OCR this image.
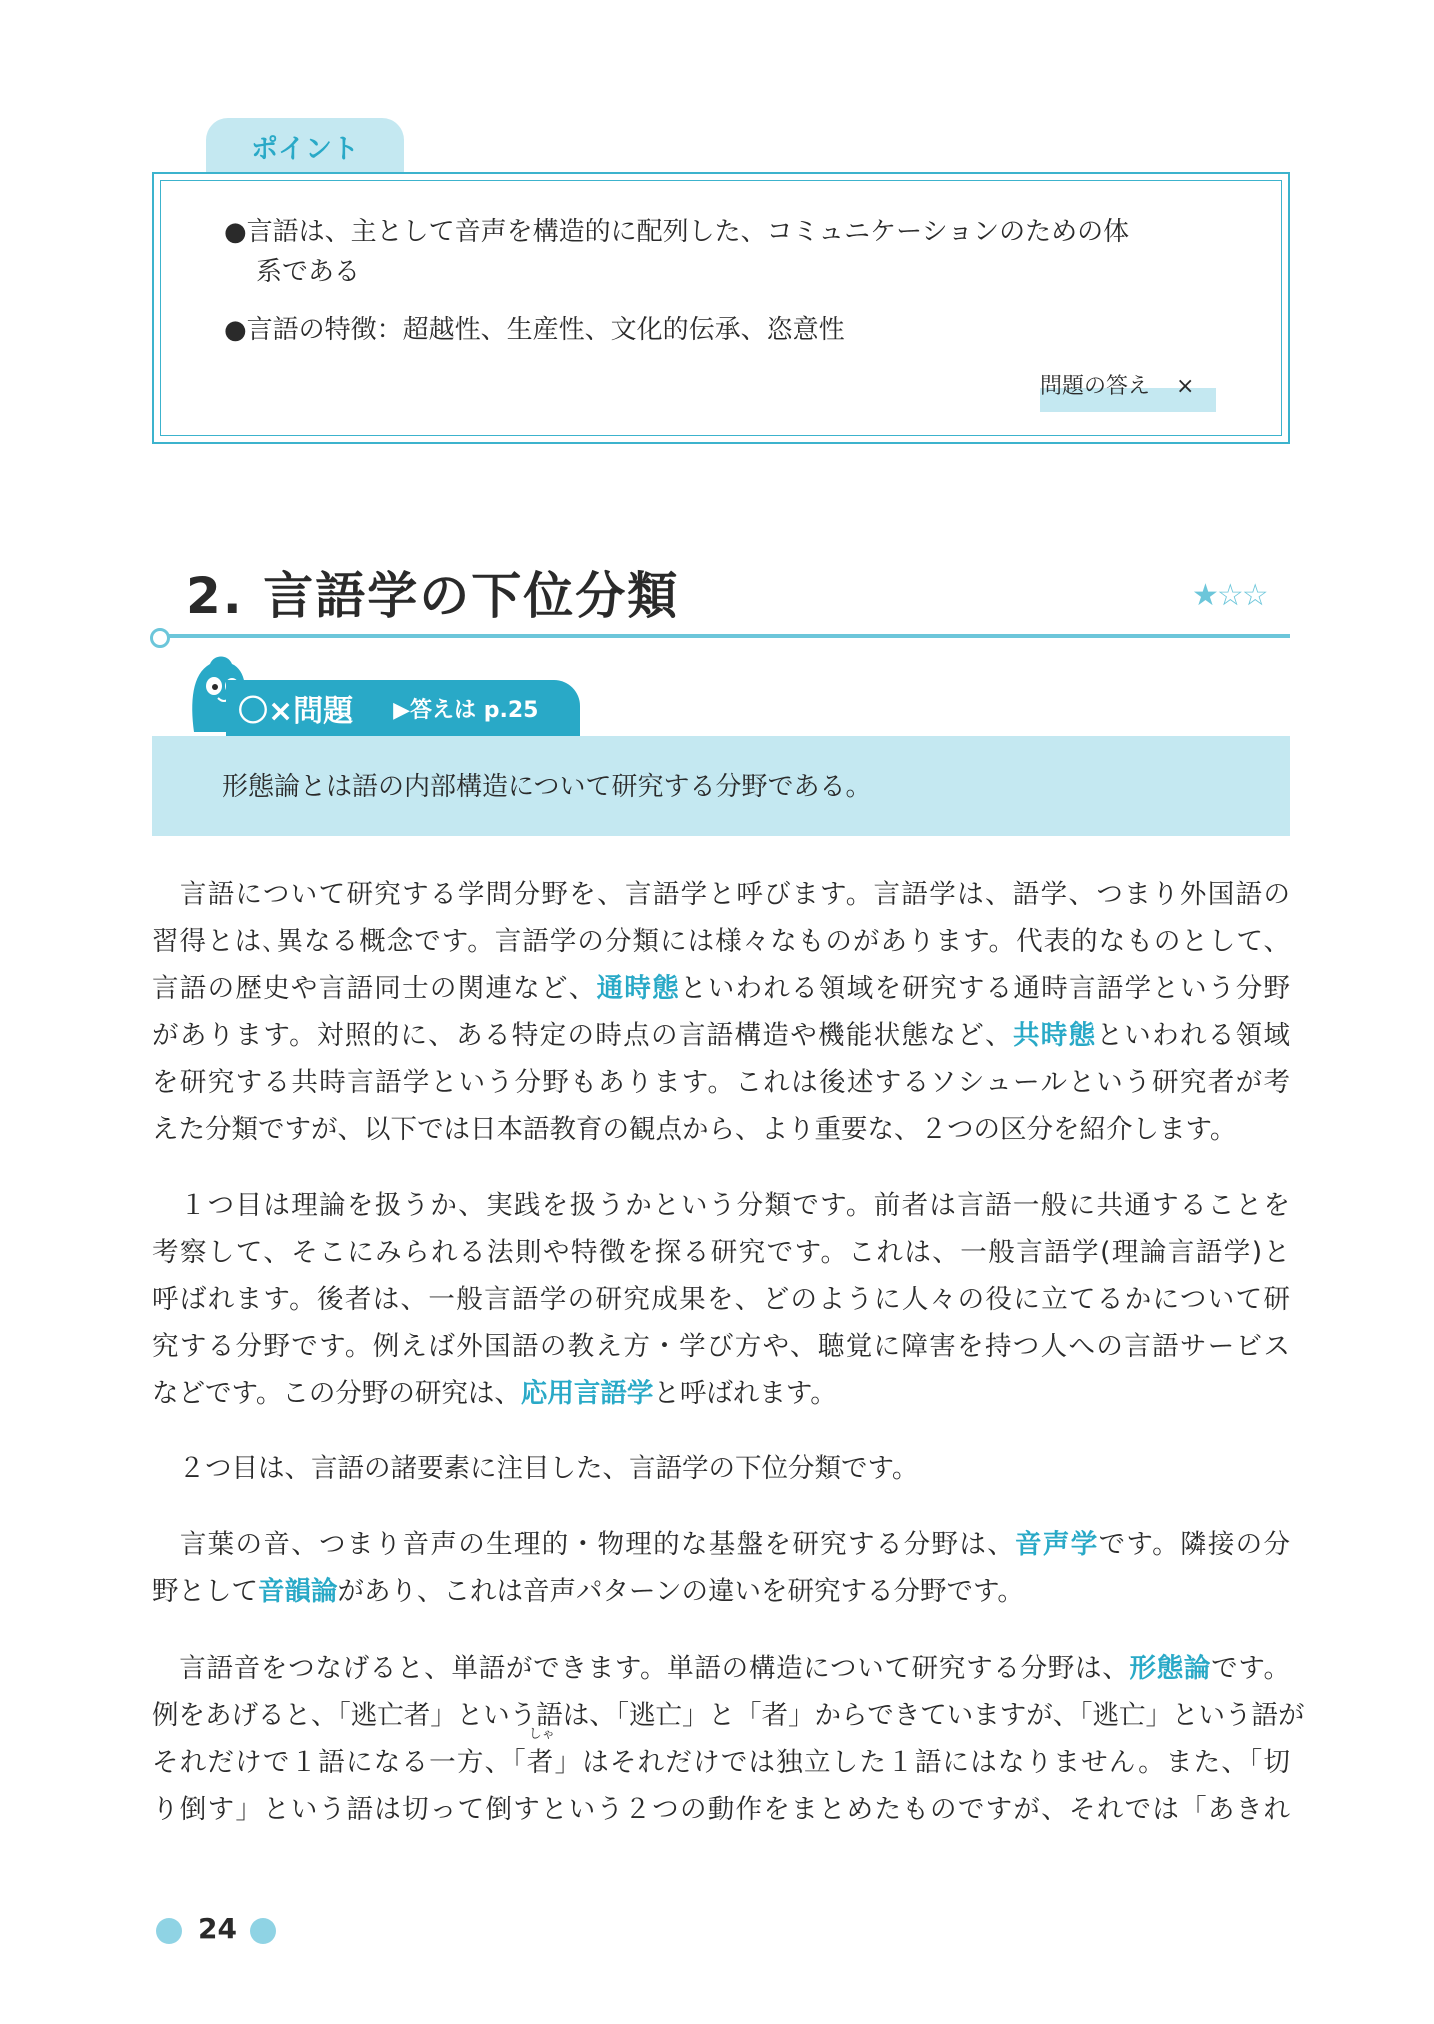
ポイント
●言語は、主として音声を構造的に配列した、コミュニケーションのための体
系である
●言語の特徴：超越性、生産性、文化的伝承、恣意性
問題の答え ×
2. 言語学の下位分類	★☆☆
〇×問題 ▶答えは p.25
形態論とは語の内部構造について研究する分野である。
　言語について研究する学問分野を、言語学と呼びます。言語学は、語学、つまり外国語の
習得とは､異なる概念です。言語学の分類には様々なものがあります。代表的なものとして、
言語の歴史や言語同士の関連など、通時態といわれる領域を研究する通時言語学という分野
があります。対照的に、ある特定の時点の言語構造や機能状態など、共時態といわれる領域
を研究する共時言語学という分野もあります。これは後述するソシュールという研究者が考
えた分類ですが、以下では日本語教育の観点から、より重要な、２つの区分を紹介します。
　１つ目は理論を扱うか、実践を扱うかという分類です。前者は言語一般に共通することを
考察して、そこにみられる法則や特徴を探る研究です。これは、一般言語学(理論言語学)と
呼ばれます。後者は、一般言語学の研究成果を、どのように人々の役に立てるかについて研
究する分野です。例えば外国語の教え方・学び方や、聴覚に障害を持つ人への言語サービス
などです。この分野の研究は、応用言語学と呼ばれます。
　２つ目は、言語の諸要素に注目した、言語学の下位分類です。
　言葉の音、つまり音声の生理的・物理的な基盤を研究する分野は、音声学です。隣接の分
野として音韻論があり、これは音声パターンの違いを研究する分野です。
　言語音をつなげると、単語ができます。単語の構造について研究する分野は、形態論です。
例をあげると、「逃亡者」という語は、「逃亡」と「者」からできていますが、「逃亡」という語が
それだけで１語になる一方、「
しゃ
者」はそれだけでは独立した１語にはなりません。また、「切
り倒す」という語は切って倒すという２つの動作をまとめたものですが、それでは「あきれ
24
